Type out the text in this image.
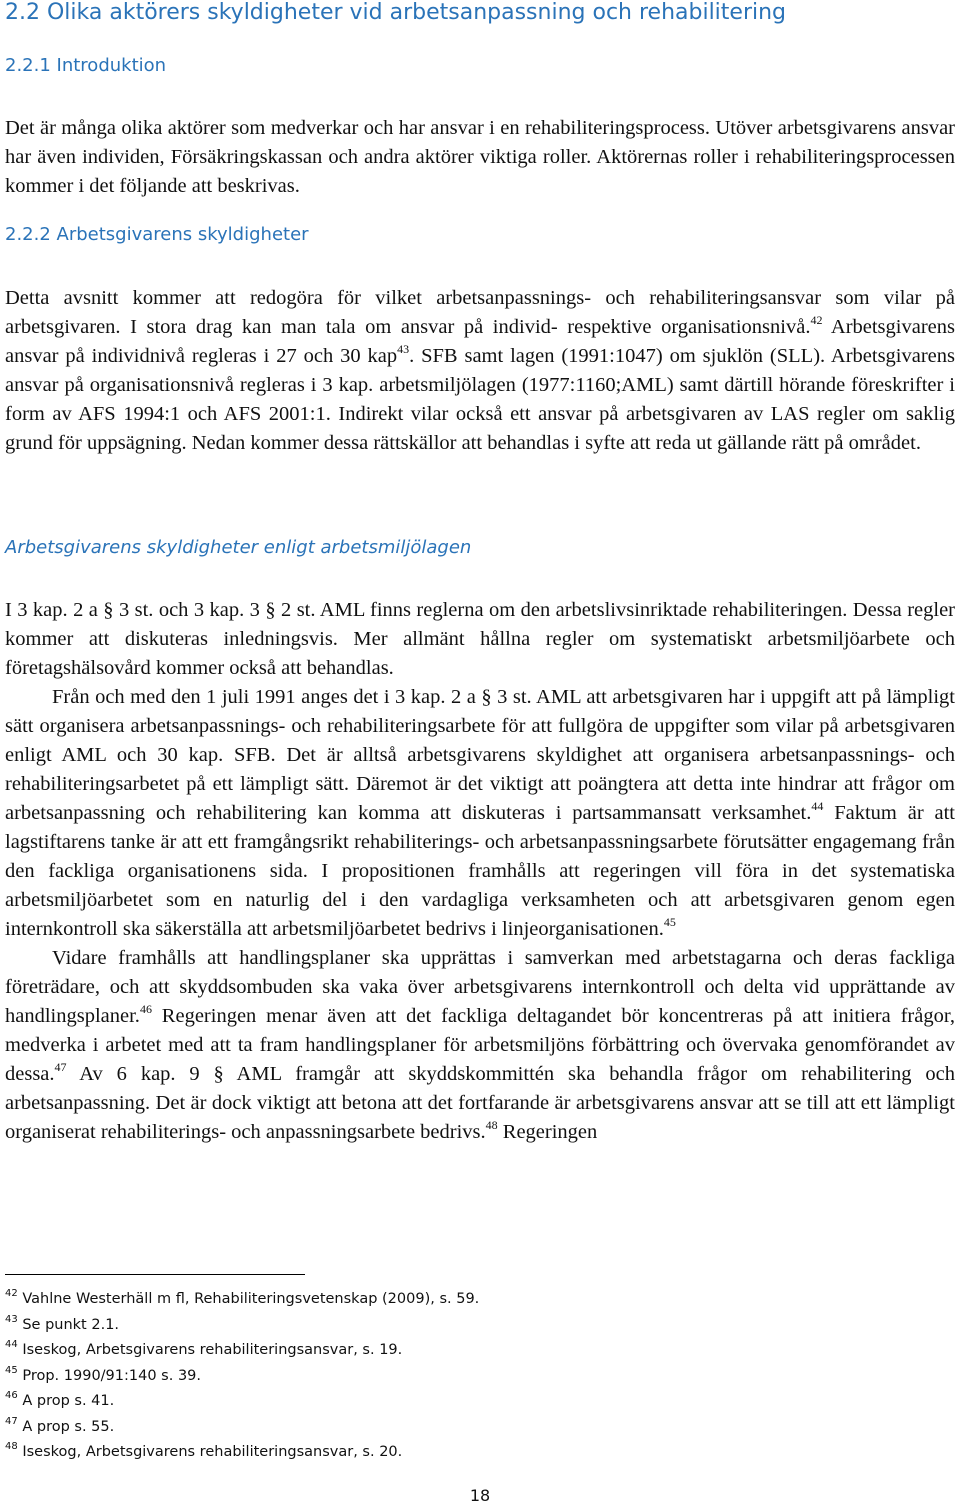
2.2 Olika aktörers skyldigheter vid arbetsanpassning och rehabilitering
2.2.1 Introduktion

Det är många olika aktörer som medverkar och har ansvar i en rehabiliteringsprocess. Utöver arbetsgivarens ansvar har även individen, Försäkringskassan och andra aktörer viktiga roller. Aktörernas roller i rehabiliteringsprocessen kommer i det följande att beskrivas.

2.2.2 Arbetsgivarens skyldigheter

Detta avsnitt kommer att redogöra för vilket arbetsanpassnings- och rehabiliteringsansvar som vilar på arbetsgivaren. I stora drag kan man tala om ansvar på individ- respektive organisationsnivå.$^{42}$ Arbetsgivarens ansvar på individnivå regleras i 27 och 30 kap$^{43}$. SFB samt lagen (1991:1047) om sjuklön (SLL). Arbetsgivarens ansvar på organisationsnivå regleras i 3 kap. arbetsmiljölagen (1977:1160;AML) samt därtill hörande föreskrifter i form av AFS 1994:1 och AFS 2001:1. Indirekt vilar också ett ansvar på arbetsgivaren av LAS regler om saklig grund för uppsägning. Nedan kommer dessa rättskällor att behandlas i syfte att reda ut gällande rätt på området.

Arbetsgivarens skyldigheter enligt arbetsmiljölagen

I 3 kap. 2 a § 3 st. och 3 kap. 3 § 2 st. AML finns reglerna om den arbetslivsinriktade rehabiliteringen. Dessa regler kommer att diskuteras inledningsvis. Mer allmänt hållna regler om systematiskt arbetsmiljöarbete och företagshälsovård kommer också att behandlas.

Från och med den 1 juli 1991 anges det i 3 kap. 2 a § 3 st. AML att arbetsgivaren har i uppgift att på lämpligt sätt organisera arbetsanpassnings- och rehabiliteringsarbete för att fullgöra de uppgifter som vilar på arbetsgivaren enligt AML och 30 kap. SFB. Det är alltså arbetsgivarens skyldighet att organisera arbetsanpassnings- och rehabiliteringsarbetet på ett lämpligt sätt. Däremot är det viktigt att poängtera att detta inte hindrar att frågor om arbetsanpassning och rehabilitering kan komma att diskuteras i partsammansatt verksamhet.$^{44}$ Faktum är att lagstiftarens tanke är att ett framgångsrikt rehabiliterings- och arbetsanpassningsarbete förutsätter engagemang från den fackliga organisationens sida. I propositionen framhålls att regeringen vill föra in det systematiska arbetsmiljöarbetet som en naturlig del i den vardagliga verksamheten och att arbetsgivaren genom egen internkontroll ska säkerställa att arbetsmiljöarbetet bedrivs i linjeorganisationen.$^{45}$

Vidare framhålls att handlingsplaner ska upprättas i samverkan med arbetstagarna och deras fackliga företrädare, och att skyddsombuden ska vaka över arbetsgivarens internkontroll och delta vid upprättande av handlingsplaner.$^{46}$ Regeringen menar även att det fackliga deltagandet bör koncentreras på att initiera frågor, medverka i arbetet med att ta fram handlingsplaner för arbetsmiljöns förbättring och övervaka genomförandet av dessa.$^{47}$ Av 6 kap. 9 § AML framgår att skyddskommittén ska behandla frågor om rehabilitering och arbetsanpassning. Det är dock viktigt att betona att det fortfarande är arbetsgivarens ansvar att se till att ett lämpligt organiserat rehabiliterings- och anpassningsarbete bedrivs.$^{48}$ Regeringen

$^{42}$ Vahlne Westerhäll m fl, Rehabiliteringsvetenskap (2009), s. 59.
$^{43}$ Se punkt 2.1.
$^{44}$ Iseskog, Arbetsgivarens rehabiliteringsansvar, s. 19.
$^{45}$ Prop. 1990/91:140 s. 39.
$^{46}$ A prop s. 41.
$^{47}$ A prop s. 55.
$^{48}$ Iseskog, Arbetsgivarens rehabiliteringsansvar, s. 20.
18
